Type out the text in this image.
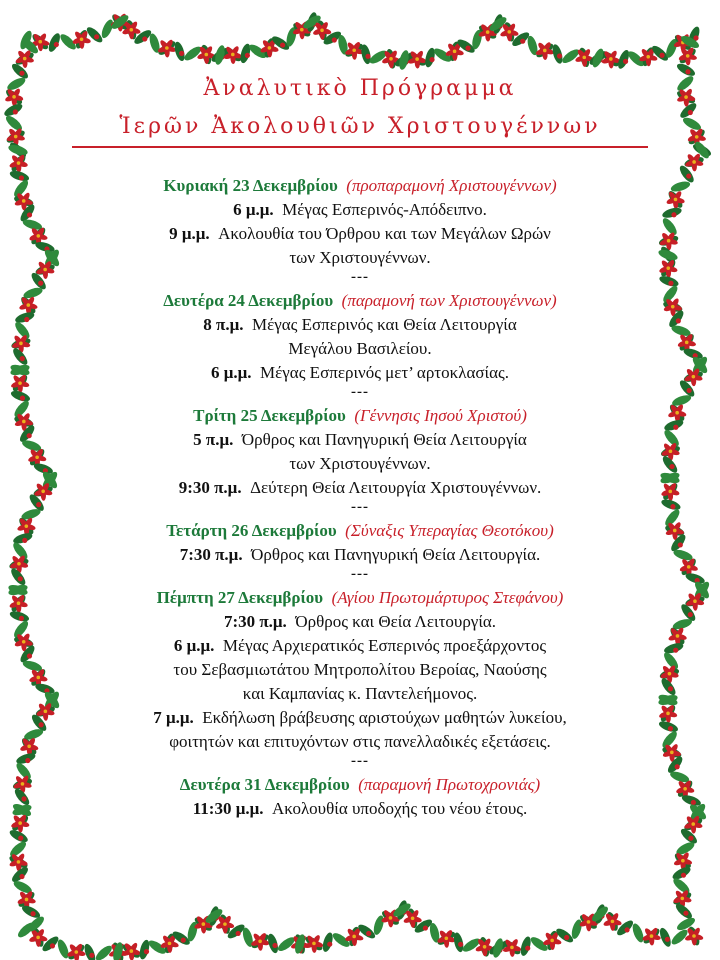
Ἀναλυτικὸ Πρόγραμμα
Ἱερῶν Ἀκολουθιῶν Χριστουγέννων
Κυριακή 23 Δεκεμβρίου (προπαραμονή Χριστουγέννων)
6 μ.μ. Μέγας Εσπερινός-Απόδειπνο.
9 μ.μ. Ακολουθία του Όρθρου και των Μεγάλων Ωρών
των Χριστουγέννων.
---
Δευτέρα 24 Δεκεμβρίου (παραμονή των Χριστουγέννων)
8 π.μ. Μέγας Εσπερινός και Θεία Λειτουργία
Μεγάλου Βασιλείου.
6 μ.μ. Μέγας Εσπερινός μετ’ αρτοκλασίας.
---
Τρίτη 25 Δεκεμβρίου (Γέννησις Ιησού Χριστού)
5 π.μ. Όρθρος και Πανηγυρική Θεία Λειτουργία
των Χριστουγέννων.
9:30 π.μ. Δεύτερη Θεία Λειτουργία Χριστουγέννων.
---
Τετάρτη 26 Δεκεμβρίου (Σύναξις Υπεραγίας Θεοτόκου)
7:30 π.μ. Όρθρος και Πανηγυρική Θεία Λειτουργία.
---
Πέμπτη 27 Δεκεμβρίου (Αγίου Πρωτομάρτυρος Στεφάνου)
7:30 π.μ. Όρθρος και Θεία Λειτουργία.
6 μ.μ. Μέγας Αρχιερατικός Εσπερινός προεξάρχοντος
του Σεβασμιωτάτου Μητροπολίτου Βεροίας, Ναούσης
και Καμπανίας κ. Παντελεήμονος.
7 μ.μ. Εκδήλωση βράβευσης αριστούχων μαθητών λυκείου,
φοιτητών και επιτυχόντων στις πανελλαδικές εξετάσεις.
---
Δευτέρα 31 Δεκεμβρίου (παραμονή Πρωτοχρονιάς)
11:30 μ.μ. Ακολουθία υποδοχής του νέου έτους.
